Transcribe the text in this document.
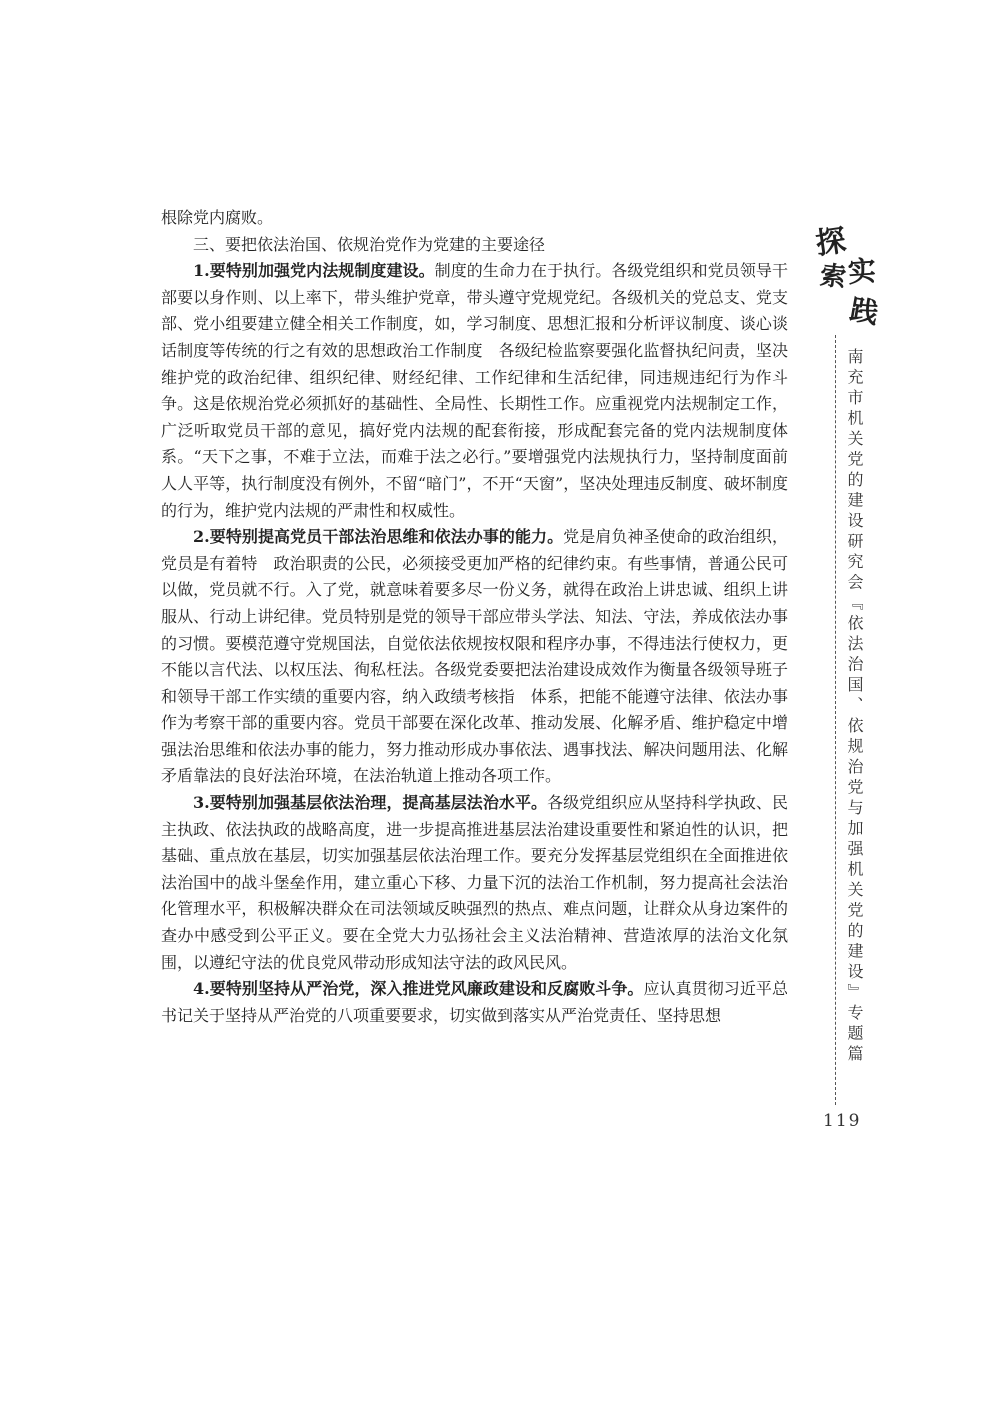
根除党内腐败。

三、要把依法治国、依规治党作为党建的主要途径

1.要特别加强党内法规制度建设。制度的生命力在于执行。各级党组织和党员领导干部要以身作则、以上率下，带头维护党章，带头遵守党规党纪。各级机关的党总支、党支部、党小组要建立健全相关工作制度，如，学习制度、思想汇报和分析评议制度、谈心谈话制度等传统的行之有效的思想政治工作制度　各级纪检监察要强化监督执纪问责，坚决维护党的政治纪律、组织纪律、财经纪律、工作纪律和生活纪律，同违规违纪行为作斗争。这是依规治党必须抓好的基础性、全局性、长期性工作。应重视党内法规制定工作，广泛听取党员干部的意见，搞好党内法规的配套衔接，形成配套完备的党内法规制度体系。“天下之事，不难于立法，而难于法之必行。”要增强党内法规执行力，坚持制度面前人人平等，执行制度没有例外，不留“暗门”，不开“天窗”，坚决处理违反制度、破坏制度的行为，维护党内法规的严肃性和权威性。

2.要特别提高党员干部法治思维和依法办事的能力。党是肩负神圣使命的政治组织，党员是有着特　政治职责的公民，必须接受更加严格的纪律约束。有些事情，普通公民可以做，党员就不行。入了党，就意味着要多尽一份义务，就得在政治上讲忠诚、组织上讲服从、行动上讲纪律。党员特别是党的领导干部应带头学法、知法、守法，养成依法办事的习惯。要模范遵守党规国法，自觉依法依规按权限和程序办事，不得违法行使权力，更不能以言代法、以权压法、徇私枉法。各级党委要把法治建设成效作为衡量各级领导班子和领导干部工作实绩的重要内容，纳入政绩考核指　体系，把能不能遵守法律、依法办事作为考察干部的重要内容。党员干部要在深化改革、推动发展、化解矛盾、维护稳定中增强法治思维和依法办事的能力，努力推动形成办事依法、遇事找法、解决问题用法、化解矛盾靠法的良好法治环境，在法治轨道上推动各项工作。

3.要特别加强基层依法治理，提高基层法治水平。各级党组织应从坚持科学执政、民主执政、依法执政的战略高度，进一步提高推进基层法治建设重要性和紧迫性的认识，把基础、重点放在基层，切实加强基层依法治理工作。要充分发挥基层党组织在全面推进依法治国中的战斗堡垒作用，建立重心下移、力量下沉的法治工作机制，努力提高社会法治化管理水平，积极解决群众在司法领域反映强烈的热点、难点问题，让群众从身边案件的查办中感受到公平正义。要在全党大力弘扬社会主义法治精神、营造浓厚的法治文化氛围，以遵纪守法的优良党风带动形成知法守法的政风民风。

4.要特别坚持从严治党，深入推进党风廉政建设和反腐败斗争。应认真贯彻习近平总书记关于坚持从严治党的八项重要要求，切实做到落实从严治党责任、坚持思想

探
索 实
践
南充市机关党的建设研究会『依法治国、依规治党与加强机关党的建设』专题篇
119
